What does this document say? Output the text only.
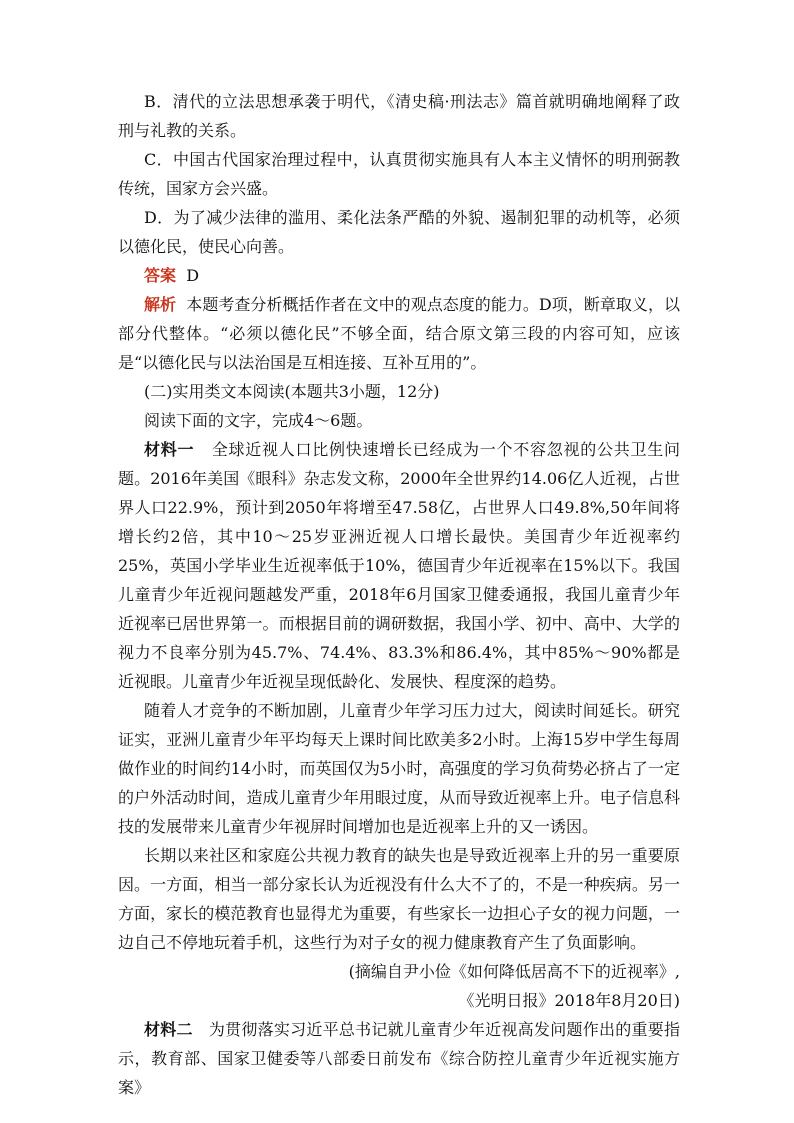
B．清代的立法思想承袭于明代，《清史稿·刑法志》篇首就明确地阐释了政刑与礼教的关系。

C．中国古代国家治理过程中，认真贯彻实施具有人本主义情怀的明刑弼教传统，国家方会兴盛。

D．为了减少法律的滥用、柔化法条严酷的外貌、遏制犯罪的动机等，必须以德化民，使民心向善。

答案 D

解析 本题考查分析概括作者在文中的观点态度的能力。D项，断章取义，以部分代整体。“必须以德化民”不够全面，结合原文第三段的内容可知，应该是“以德化民与以法治国是互相连接、互补互用的”。

(二)实用类文本阅读(本题共3小题，12分)

阅读下面的文字，完成4～6题。

材料一 全球近视人口比例快速增长已经成为一个不容忽视的公共卫生问题。2016年美国《眼科》杂志发文称，2000年全世界约14.06亿人近视，占世界人口22.9%，预计到2050年将增至47.58亿，占世界人口49.8%,50年间将增长约2倍，其中10～25岁亚洲近视人口增长最快。美国青少年近视率约25%，英国小学毕业生近视率低于10%，德国青少年近视率在15%以下。我国儿童青少年近视问题越发严重，2018年6月国家卫健委通报，我国儿童青少年近视率已居世界第一。而根据目前的调研数据，我国小学、初中、高中、大学的视力不良率分别为45.7%、74.4%、83.3%和86.4%，其中85%～90%都是近视眼。儿童青少年近视呈现低龄化、发展快、程度深的趋势。

随着人才竞争的不断加剧，儿童青少年学习压力过大，阅读时间延长。研究证实，亚洲儿童青少年平均每天上课时间比欧美多2小时。上海15岁中学生每周做作业的时间约14小时，而英国仅为5小时，高强度的学习负荷势必挤占了一定的户外活动时间，造成儿童青少年用眼过度，从而导致近视率上升。电子信息科技的发展带来儿童青少年视屏时间增加也是近视率上升的又一诱因。

长期以来社区和家庭公共视力教育的缺失也是导致近视率上升的另一重要原因。一方面，相当一部分家长认为近视没有什么大不了的，不是一种疾病。另一方面，家长的模范教育也显得尤为重要，有些家长一边担心子女的视力问题，一边自己不停地玩着手机，这些行为对子女的视力健康教育产生了负面影响。

(摘编自尹小俭《如何降低居高不下的近视率》,

《光明日报》2018年8月20日)

材料二 为贯彻落实习近平总书记就儿童青少年近视高发问题作出的重要指示，教育部、国家卫健委等八部委日前发布《综合防控儿童青少年近视实施方案》
